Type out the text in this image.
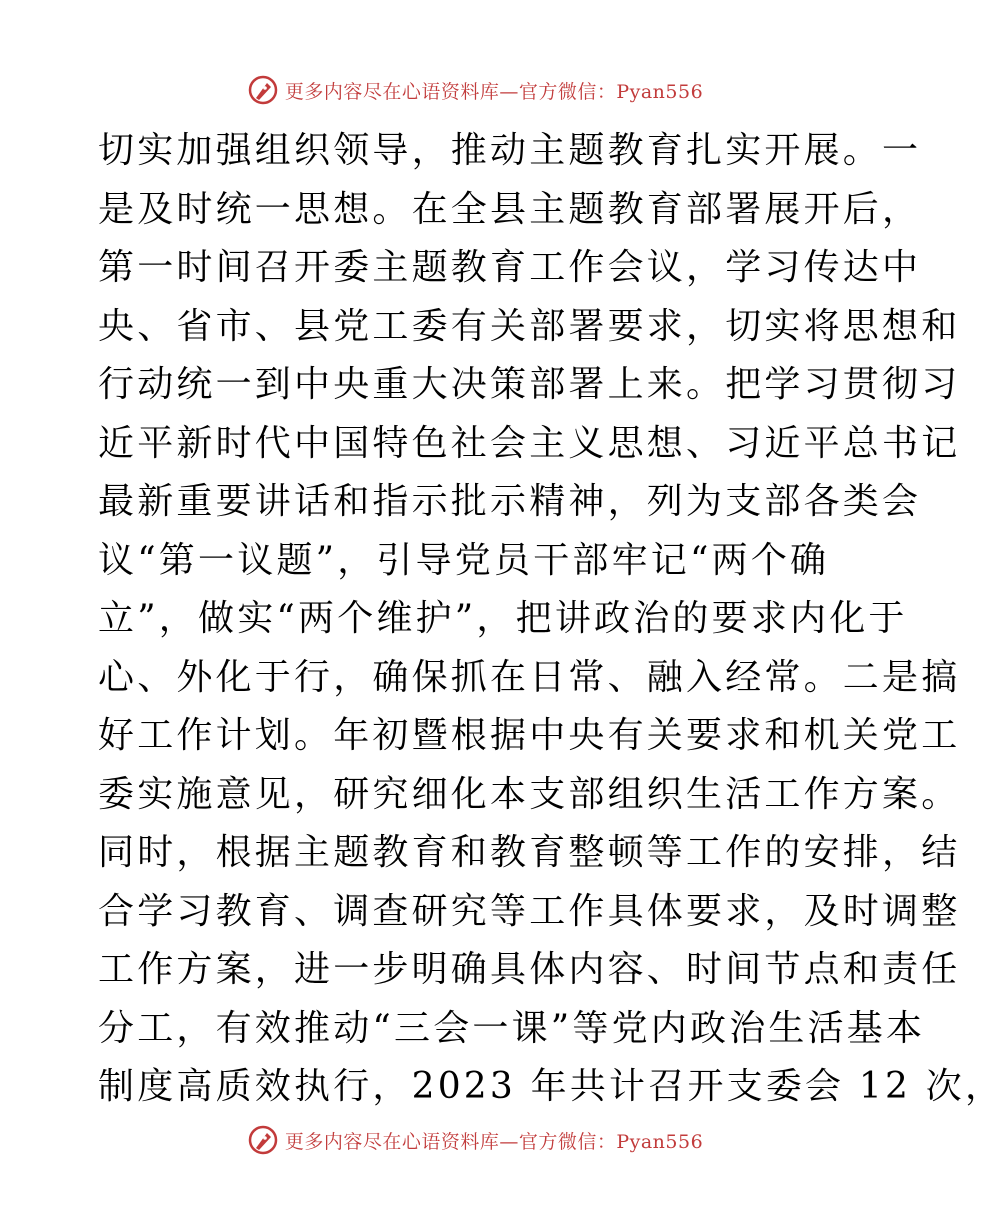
更多内容尽在心语资料库—官方微信：Pyan556
切实加强组织领导，推动主题教育扎实开展。一
是及时统一思想。在全县主题教育部署展开后，
第一时间召开委主题教育工作会议，学习传达中
央、省市、县党工委有关部署要求，切实将思想和
行动统一到中央重大决策部署上来。把学习贯彻习
近平新时代中国特色社会主义思想、习近平总书记
最新重要讲话和指示批示精神，列为支部各类会
议“第一议题”，引导党员干部牢记“两个确
立”，做实“两个维护”，把讲政治的要求内化于
心、外化于行，确保抓在日常、融入经常。二是搞
好工作计划。年初暨根据中央有关要求和机关党工
委实施意见，研究细化本支部组织生活工作方案。
同时，根据主题教育和教育整顿等工作的安排，结
合学习教育、调查研究等工作具体要求，及时调整
工作方案，进一步明确具体内容、时间节点和责任
分工，有效推动“三会一课”等党内政治生活基本
制度高质效执行，2023 年共计召开支委会 12 次，
更多内容尽在心语资料库—官方微信：Pyan556
